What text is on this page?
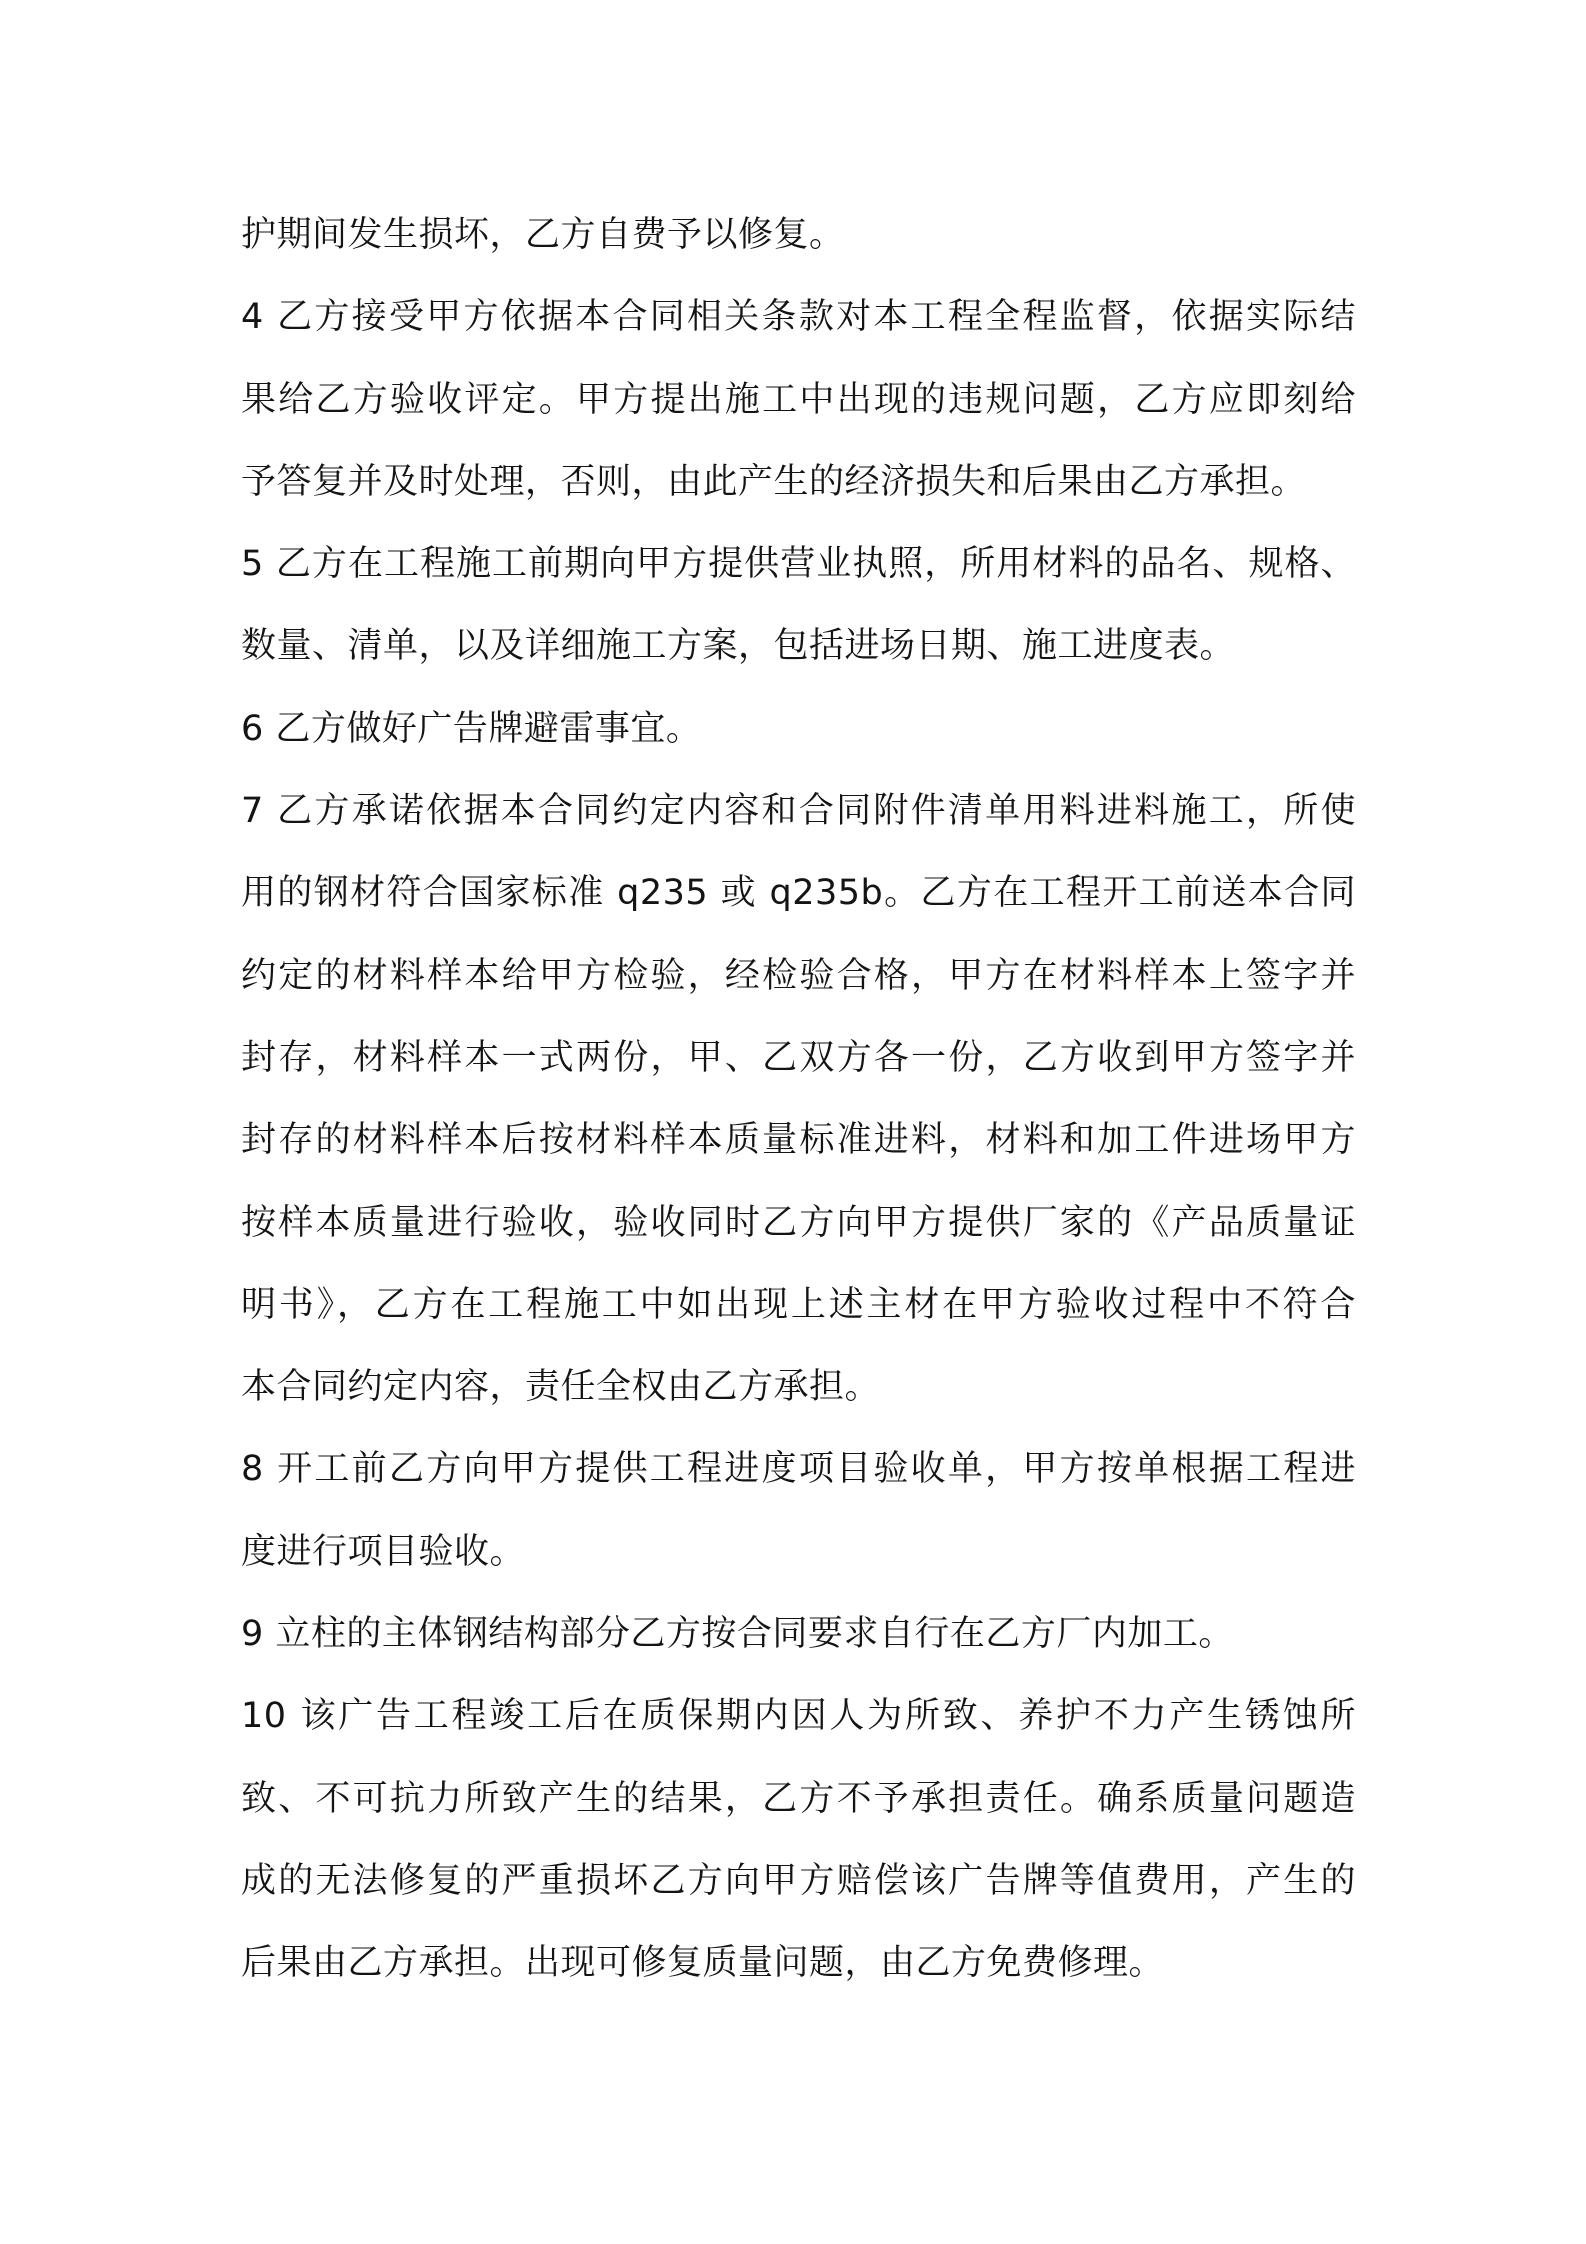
护期间发生损坏，乙方自费予以修复。
4 乙方接受甲方依据本合同相关条款对本工程全程监督，依据实际结
果给乙方验收评定。甲方提出施工中出现的违规问题，乙方应即刻给
予答复并及时处理，否则，由此产生的经济损失和后果由乙方承担。
5 乙方在工程施工前期向甲方提供营业执照，所用材料的品名、规格、
数量、清单，以及详细施工方案，包括进场日期、施工进度表。
6 乙方做好广告牌避雷事宜。
7 乙方承诺依据本合同约定内容和合同附件清单用料进料施工，所使
用的钢材符合国家标准 q235 或 q235b。乙方在工程开工前送本合同
约定的材料样本给甲方检验，经检验合格，甲方在材料样本上签字并
封存，材料样本一式两份，甲、乙双方各一份，乙方收到甲方签字并
封存的材料样本后按材料样本质量标准进料，材料和加工件进场甲方
按样本质量进行验收，验收同时乙方向甲方提供厂家的《产品质量证
明书》，乙方在工程施工中如出现上述主材在甲方验收过程中不符合
本合同约定内容，责任全权由乙方承担。
8 开工前乙方向甲方提供工程进度项目验收单，甲方按单根据工程进
度进行项目验收。
9 立柱的主体钢结构部分乙方按合同要求自行在乙方厂内加工。
10 该广告工程竣工后在质保期内因人为所致、养护不力产生锈蚀所
致、不可抗力所致产生的结果，乙方不予承担责任。确系质量问题造
成的无法修复的严重损坏乙方向甲方赔偿该广告牌等值费用，产生的
后果由乙方承担。出现可修复质量问题，由乙方免费修理。
